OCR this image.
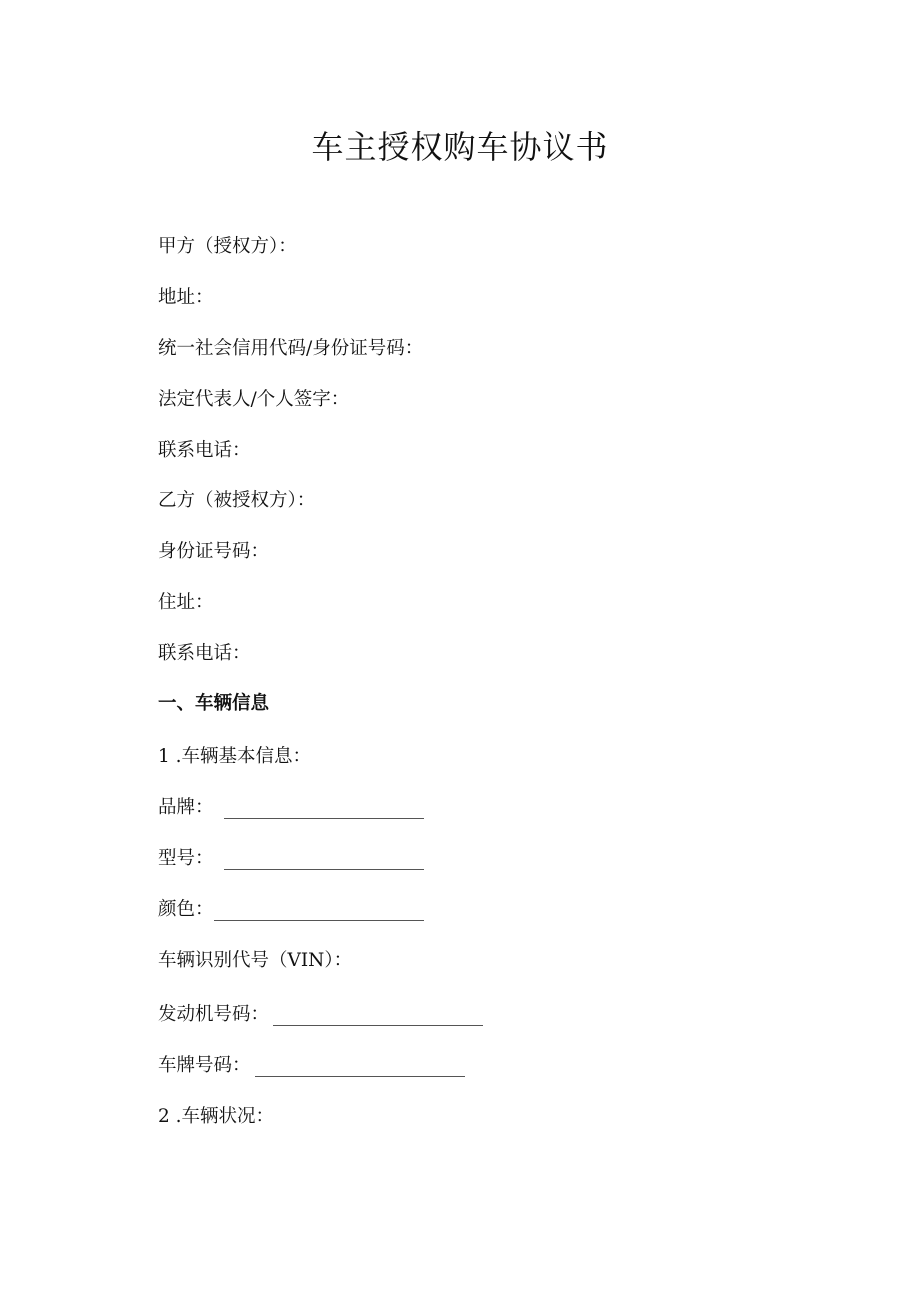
车主授权购车协议书
甲方（授权方）：
地址：
统一社会信用代码/身份证号码：
法定代表人/个人签字：
联系电话：
乙方（被授权方）：
身份证号码：
住址：
联系电话：
一、车辆信息
1 .车辆基本信息：
品牌：
型号：
颜色：
车辆识别代号（VIN）：
发动机号码：
车牌号码：
2 .车辆状况：
